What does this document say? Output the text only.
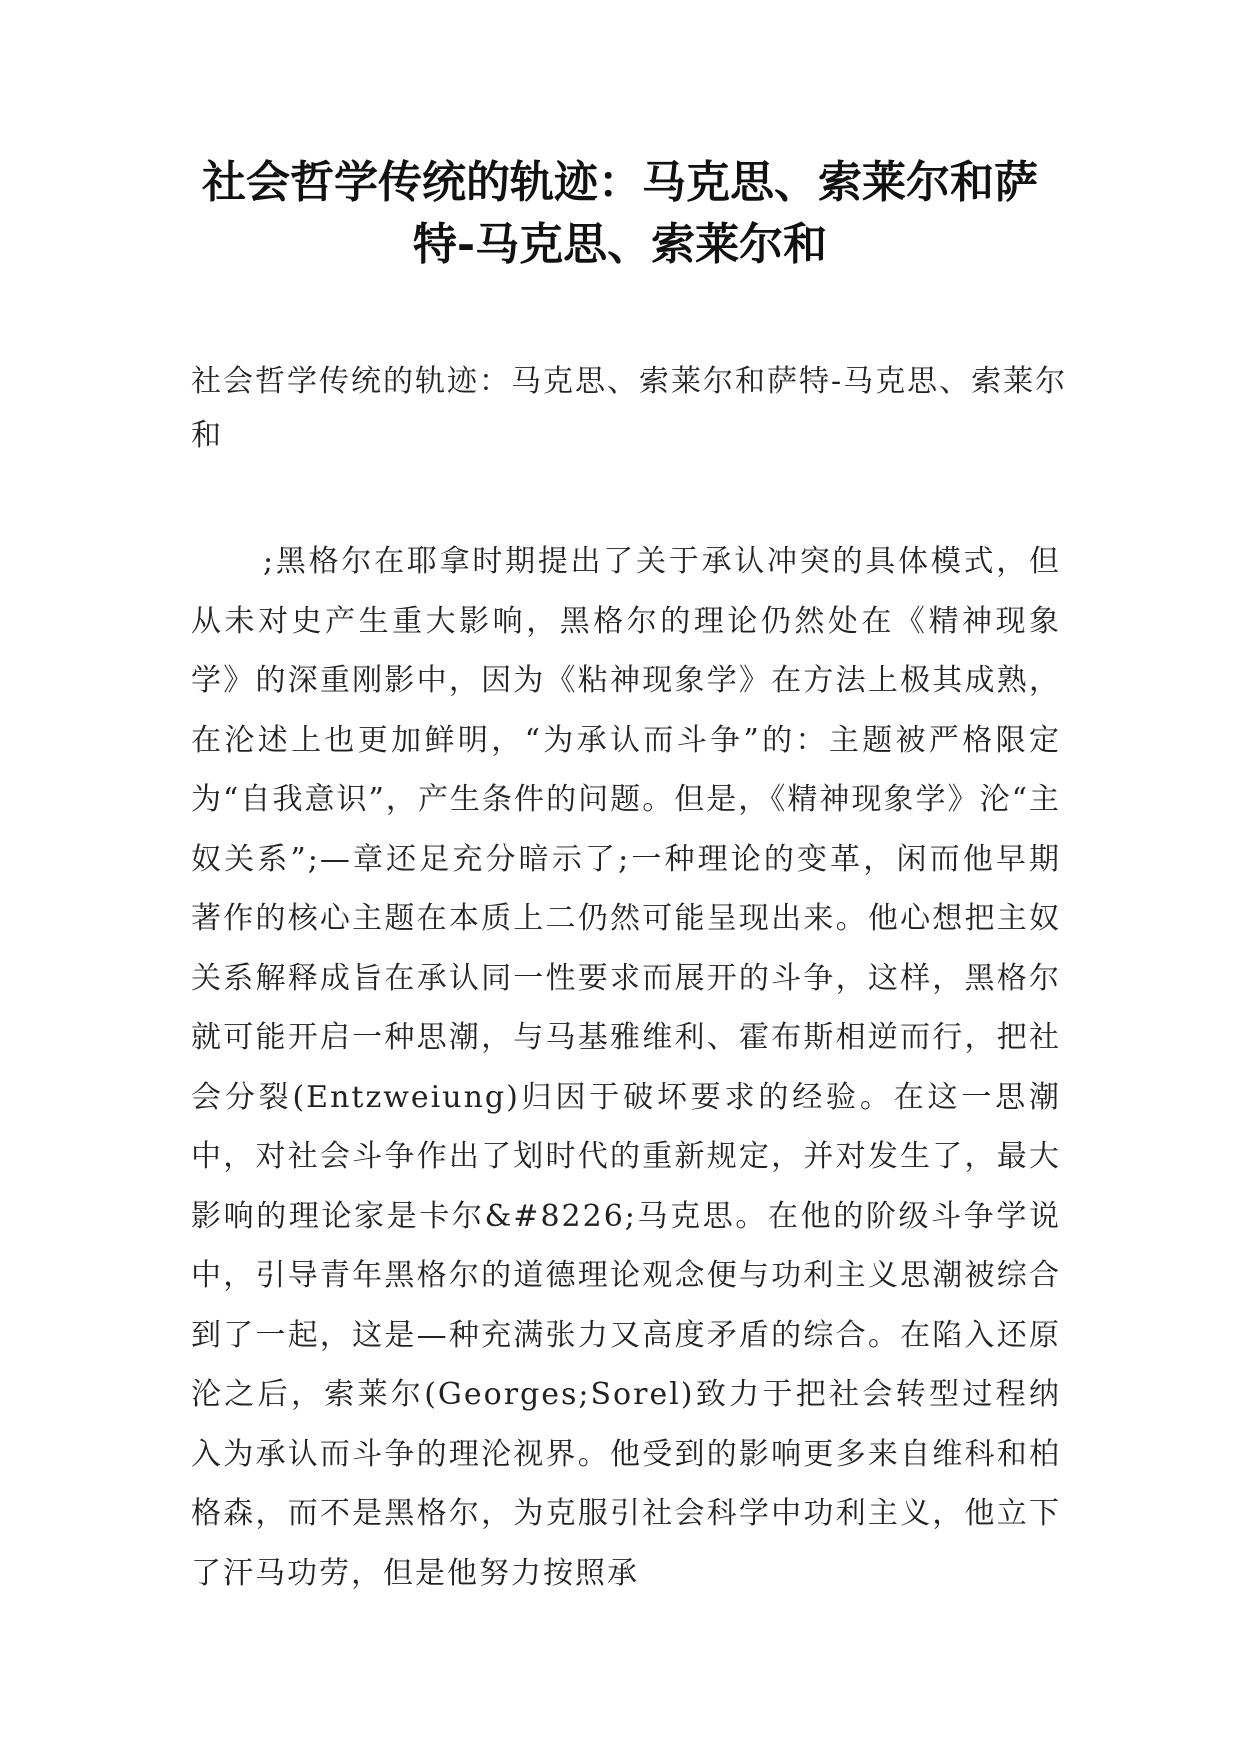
社会哲学传统的轨迹：马克思、索莱尔和萨特-马克思、索莱尔和

社会哲学传统的轨迹：马克思、索莱尔和萨特-马克思、索莱尔和

;黑格尔在耶拿时期提出了关于承认冲突的具体模式，但从未对史产生重大影响，黑格尔的理论仍然处在《精神现象学》的深重刚影中，因为《粘神现象学》在方法上极其成熟，在沦述上也更加鲜明，“为承认而斗争”的：主题被严格限定为“自我意识”，产生条件的问题。但是，《精神现象学》沦“主奴关系”;—章还足充分暗示了;一种理论的变革，闲而他早期著作的核心主题在本质上二仍然可能呈现出来。他心想把主奴关系解释成旨在承认同一性要求而展开的斗争，这样，黑格尔就可能开启一种思潮，与马基雅维利、霍布斯相逆而行，把社会分裂(Entzweiung)归因于破坏要求的经验。在这一思潮中，对社会斗争作出了划时代的重新规定，并对发生了，最大影响的理论家是卡尔&#8226;马克思。在他的阶级斗争学说中，引导青年黑格尔的道德理论观念便与功利主义思潮被综合到了一起，这是—种充满张力又高度矛盾的综合。在陷入还原沦之后，索莱尔(Georges;Sorel)致力于把社会转型过程纳入为承认而斗争的理沦视界。他受到的影响更多来自维科和柏格森，而不是黑格尔，为克服引社会科学中功利主义，他立下了汗马功劳，但是他努力按照承
